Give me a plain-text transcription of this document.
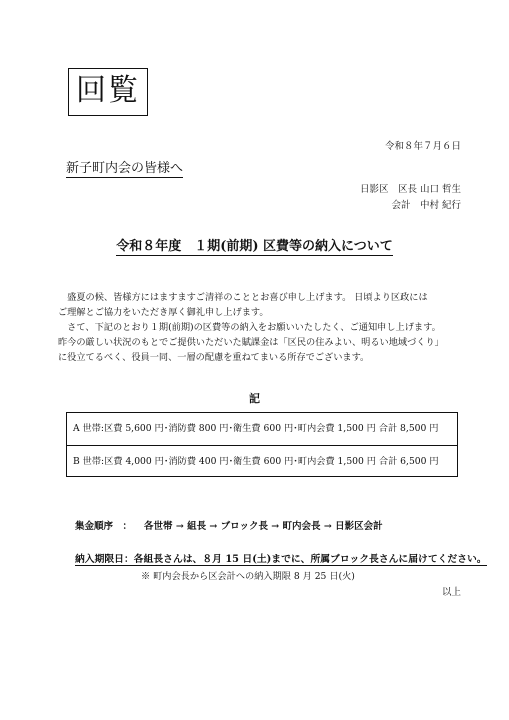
回覧
令和８年７月６日
新子町内会の皆様へ
日影区　区長 山口 哲生
会計　中村 紀行
令和８年度　１期(前期) 区費等の納入について

　盛夏の候、皆様方にはますますご清祥のこととお喜び申し上げます。 日頃より区政には

ご理解とご協力をいただき厚く御礼申し上げます。

　さて、下記のとおり１期(前期)の区費等の納入をお願いいたしたく、ご通知申し上げます。

昨今の厳しい状況のもとでご提供いただいた賦課金は「区民の住みよい、明るい地域づくり」

に役立てるべく、役員一同、一層の配慮を重ねてまいる所存でございます。

記
A 世帯:区費 5,600 円･消防費 800 円･衛生費 600 円･町内会費 1,500 円 合計 8,500 円
B 世帯:区費 4,000 円･消防費 400 円･衛生費 600 円･町内会費 1,500 円 合計 6,500 円
集金順序　： 各世帯 → 組長 → ブロック長 → 町内会長 → 日影区会計
納入期限日：各組長さんは、８月 15 日(土)までに、所属ブロック長さんに届けてください。
※ 町内会長から区会計への納入期限 8 月 25 日(火)
以上
